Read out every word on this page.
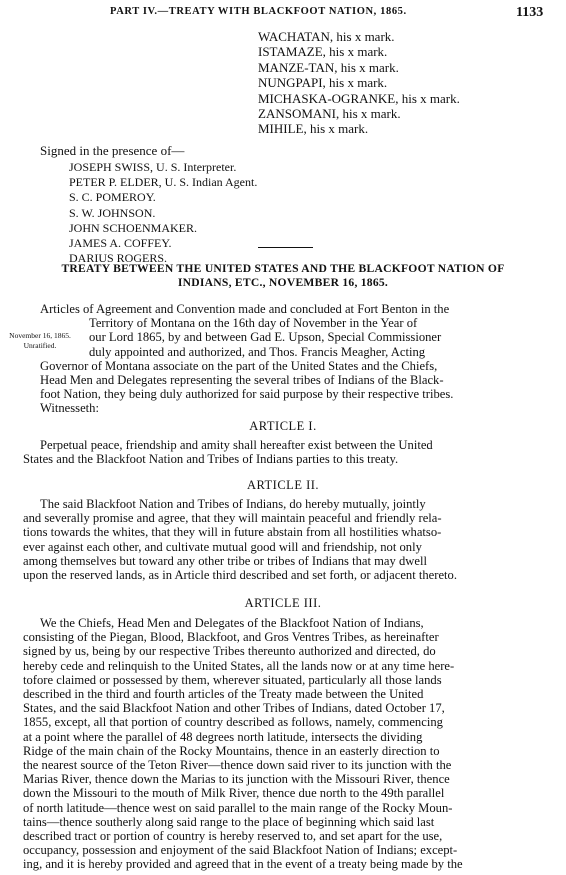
PART IV.—TREATY WITH BLACKFOOT NATION, 1865.	1133
WACHATAN, his x mark.
ISTAMAZE, his x mark.
MANZE-TAN, his x mark.
NUNGPAPI, his x mark.
MICHASKA-OGRANKE, his x mark.
ZANSOMANI, his x mark.
MIHILE, his x mark.
Signed in the presence of—
JOSEPH SWISS, U. S. Interpreter.
PETER P. ELDER, U. S. Indian Agent.
S. C. POMEROY.
S. W. JOHNSON.
JOHN SCHOENMAKER.
JAMES A. COFFEY.
DARIUS ROGERS.
TREATY BETWEEN THE UNITED STATES AND THE BLACKFOOT NATION OF
INDIANS, ETC., NOVEMBER 16, 1865.
November 16, 1865.
Unratified.
Articles of Agreement and Convention made and concluded at Fort Benton in the
Territory of Montana on the 16th day of November in the Year of
our Lord 1865, by and between Gad E. Upson, Special Commissioner
duly appointed and authorized, and Thos. Francis Meagher, Acting
Governor of Montana associate on the part of the United States and the Chiefs,
Head Men and Delegates representing the several tribes of Indians of the Black-
foot Nation, they being duly authorized for said purpose by their respective tribes.
Witnesseth:
ARTICLE I.
Perpetual peace, friendship and amity shall hereafter exist between the United
States and the Blackfoot Nation and Tribes of Indians parties to this treaty.
ARTICLE II.
The said Blackfoot Nation and Tribes of Indians, do hereby mutually, jointly
and severally promise and agree, that they will maintain peaceful and friendly rela-
tions towards the whites, that they will in future abstain from all hostilities whatso-
ever against each other, and cultivate mutual good will and friendship, not only
among themselves but toward any other tribe or tribes of Indians that may dwell
upon the reserved lands, as in Article third described and set forth, or adjacent thereto.
ARTICLE III.
We the Chiefs, Head Men and Delegates of the Blackfoot Nation of Indians,
consisting of the Piegan, Blood, Blackfoot, and Gros Ventres Tribes, as hereinafter
signed by us, being by our respective Tribes thereunto authorized and directed, do
hereby cede and relinquish to the United States, all the lands now or at any time here-
tofore claimed or possessed by them, wherever situated, particularly all those lands
described in the third and fourth articles of the Treaty made between the United
States, and the said Blackfoot Nation and other Tribes of Indians, dated October 17,
1855, except, all that portion of country described as follows, namely, commencing
at a point where the parallel of 48 degrees north latitude, intersects the dividing
Ridge of the main chain of the Rocky Mountains, thence in an easterly direction to
the nearest source of the Teton River—thence down said river to its junction with the
Marias River, thence down the Marias to its junction with the Missouri River, thence
down the Missouri to the mouth of Milk River, thence due north to the 49th parallel
of north latitude—thence west on said parallel to the main range of the Rocky Moun-
tains—thence southerly along said range to the place of beginning which said last
described tract or portion of country is hereby reserved to, and set apart for the use,
occupancy, possession and enjoyment of the said Blackfoot Nation of Indians; except-
ing, and it is hereby provided and agreed that in the event of a treaty being made by the
